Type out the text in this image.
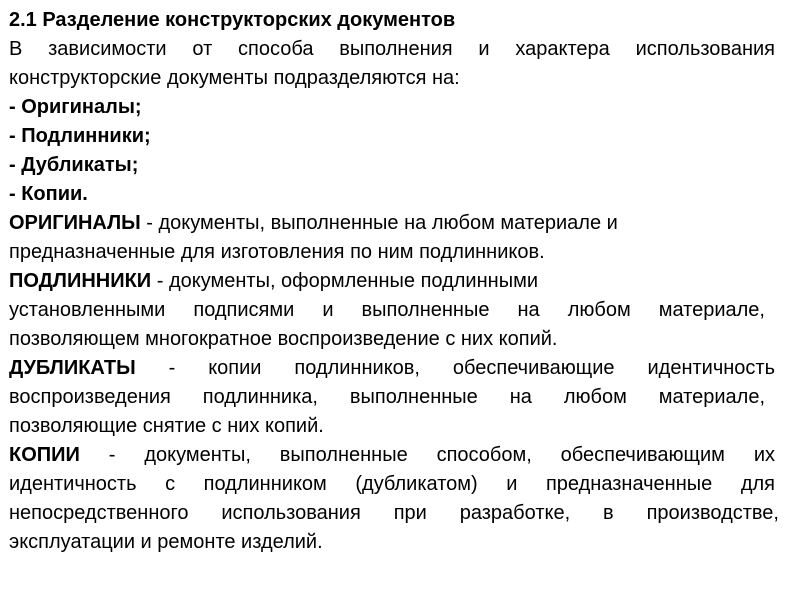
2.1 Разделение конструкторских документов
В зависимости от способа выполнения и характера использования
конструкторские документы подразделяются на:
- Оригиналы;
- Подлинники;
- Дубликаты;
- Копии.
ОРИГИНАЛЫ - документы, выполненные на любом материале и
предназначенные для изготовления по ним подлинников.
ПОДЛИННИКИ - документы, оформленные подлинными
установленными подписями и выполненные на любом материале,
позволяющем многократное воспроизведение с них копий.
ДУБЛИКАТЫ - копии подлинников, обеспечивающие идентичность
воспроизведения подлинника, выполненные на любом материале,
позволяющие снятие с них копий.
КОПИИ - документы, выполненные способом, обеспечивающим их
идентичность с подлинником (дубликатом) и предназначенные для
непосредственного использования при разработке, в производстве,
эксплуатации и ремонте изделий.
